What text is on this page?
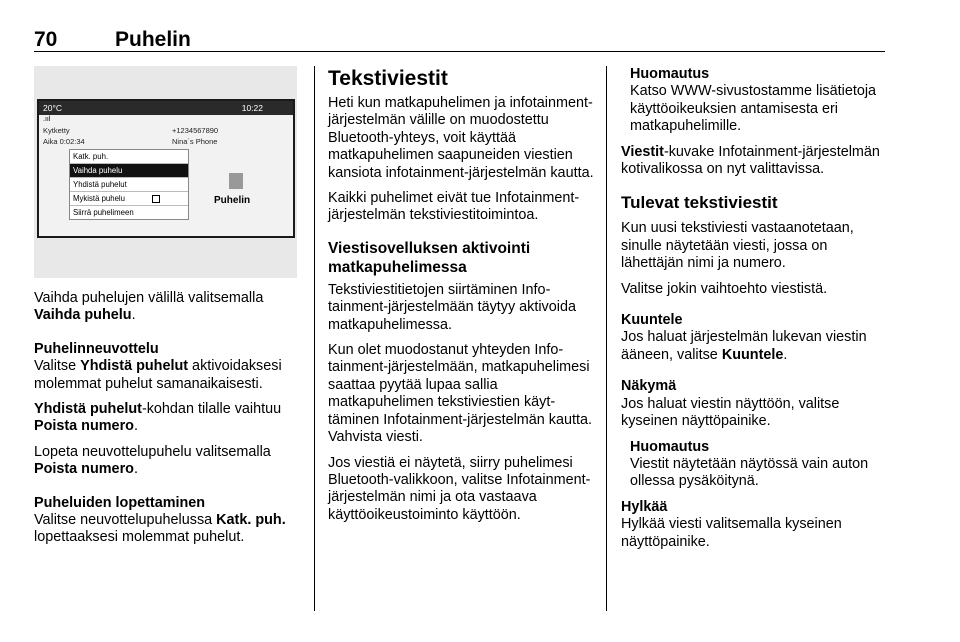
70	Puhelin
20°C	10:22
.ııl
Kytketty
Aika 0:02:34
+1234567890
Nina´s Phone
Katk. puh.
Vaihda puhelu
Yhdistä puhelut
Mykistä puhelu
Siirrä puhelimeen
Puhelin

Vaihda puhelujen välillä valitsemalla Vaihda puhelu.

Puhelinneuvottelu

Valitse Yhdistä puhelut aktivoidaksesi molemmat puhelut samanaikaisesti.

Yhdistä puhelut-kohdan tilalle vaihtuu Poista numero.

Lopeta neuvottelupuhelu valitsemalla Poista numero.

Puheluiden lopettaminen

Valitse neuvottelupuhelussa Katk. puh. lopettaaksesi molemmat puhelut.

Tekstiviestit

Heti kun matkapuhelimen ja infotainment-järjestelmän välille on muodostettu Bluetooth-yhteys, voit käyttää matkapuhelimen saapuneiden viestien kansiota infotainment-järjestelmän kautta.

Kaikki puhelimet eivät tue Infotainment-järjestelmän tekstiviestitoimintoa.

Viestisovelluksen aktivointi matkapuhelimessa

Tekstiviestitietojen siirtäminen Infotainment-järjestelmään täytyy aktivoida matkapuhelimessa.

Kun olet muodostanut yhteyden Infotainment-järjestelmään, matkapuhelimesi saattaa pyytää lupaa sallia matkapuhelimen tekstiviestien käyttäminen Infotainment-järjestelmän kautta. Vahvista viesti.

Jos viestiä ei näytetä, siirry puhelimesi Bluetooth-valikkoon, valitse Infotainment-järjestelmän nimi ja ota vastaava käyttöoikeustoiminto käyttöön.

Huomautus
Katso WWW-sivustostamme lisätietoja käyttöoikeuksien antamisesta eri matkapuhelimille.

Viestit-kuvake Infotainment-järjestelmän kotivalikossa on nyt valittavissa.

Tulevat tekstiviestit

Kun uusi tekstiviesti vastaanotetaan, sinulle näytetään viesti, jossa on lähettäjän nimi ja numero.

Valitse jokin vaihtoehto viestistä.

Kuuntele

Jos haluat järjestelmän lukevan viestin ääneen, valitse Kuuntele.

Näkymä

Jos haluat viestin näyttöön, valitse kyseinen näyttöpainike.

Huomautus
Viestit näytetään näytössä vain auton ollessa pysäköitynä.
Hylkää

Hylkää viesti valitsemalla kyseinen näyttöpainike.
